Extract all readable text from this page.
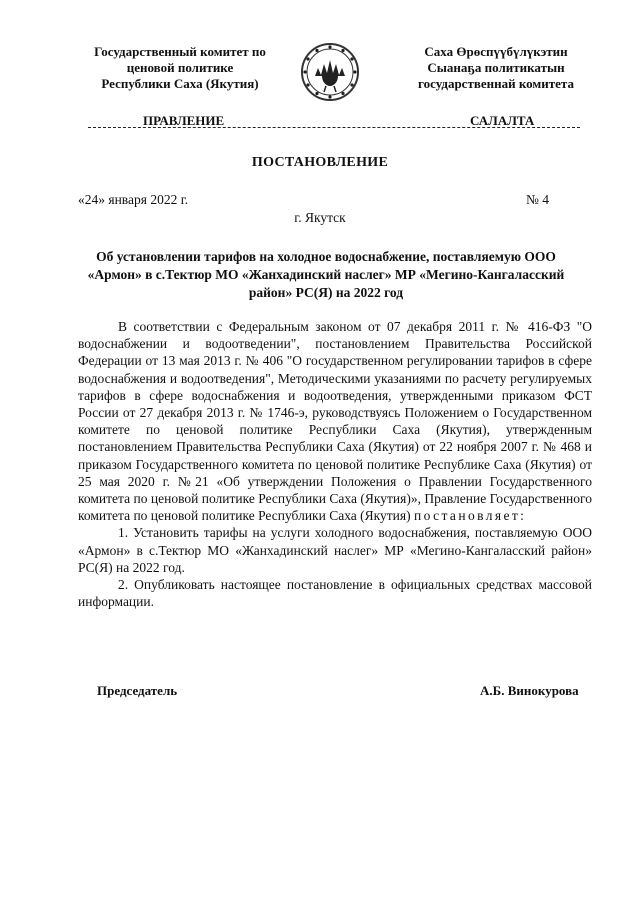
Государственный комитет по
ценовой политике
Республики Саха (Якутия)
Саха Өрөспүүбүлүкэтин
Сыанаҕа политикатын
государственнай комитета
ПРАВЛЕНИЕ	САЛАЛТА
ПОСТАНОВЛЕНИЕ
«24» января 2022 г.	№ 4
г. Якутск
Об установлении тарифов на холодное водоснабжение, поставляемую ООО «Армон» в с.Тектюр МО «Жанхадинский наслег» МР «Мегино-Кангаласский район» РС(Я) на 2022 год

В соответствии с Федеральным законом от 07 декабря 2011 г. № 416-ФЗ "О водоснабжении и водоотведении", постановлением Правительства Российской Федерации от 13 мая 2013 г. № 406 "О государственном регулировании тарифов в сфере водоснабжения и водоотведения", Методическими указаниями по расчету регулируемых тарифов в сфере водоснабжения и водоотведения, утвержденными приказом ФСТ России от 27 декабря 2013 г. № 1746-э, руководствуясь Положением о Государственном комитете по ценовой политике Республики Саха (Якутия), утвержденным постановлением Правительства Республики Саха (Якутия) от 22 ноября 2007 г. № 468 и приказом Государственного комитета по ценовой политике Республике Саха (Якутия) от 25 мая 2020 г. №21 «Об утверждении Положения о Правлении Государственного комитета по ценовой политике Республики Саха (Якутия)», Правление Государственного комитета по ценовой политике Республики Саха (Якутия) постановляет:

1. Установить тарифы на услуги холодного водоснабжения, поставляемую ООО «Армон» в с.Тектюр МО «Жанхадинский наслег» МР «Мегино-Кангаласский район» РС(Я) на 2022 год.

2. Опубликовать настоящее постановление в официальных средствах массовой информации.

Председатель	А.Б. Винокурова
